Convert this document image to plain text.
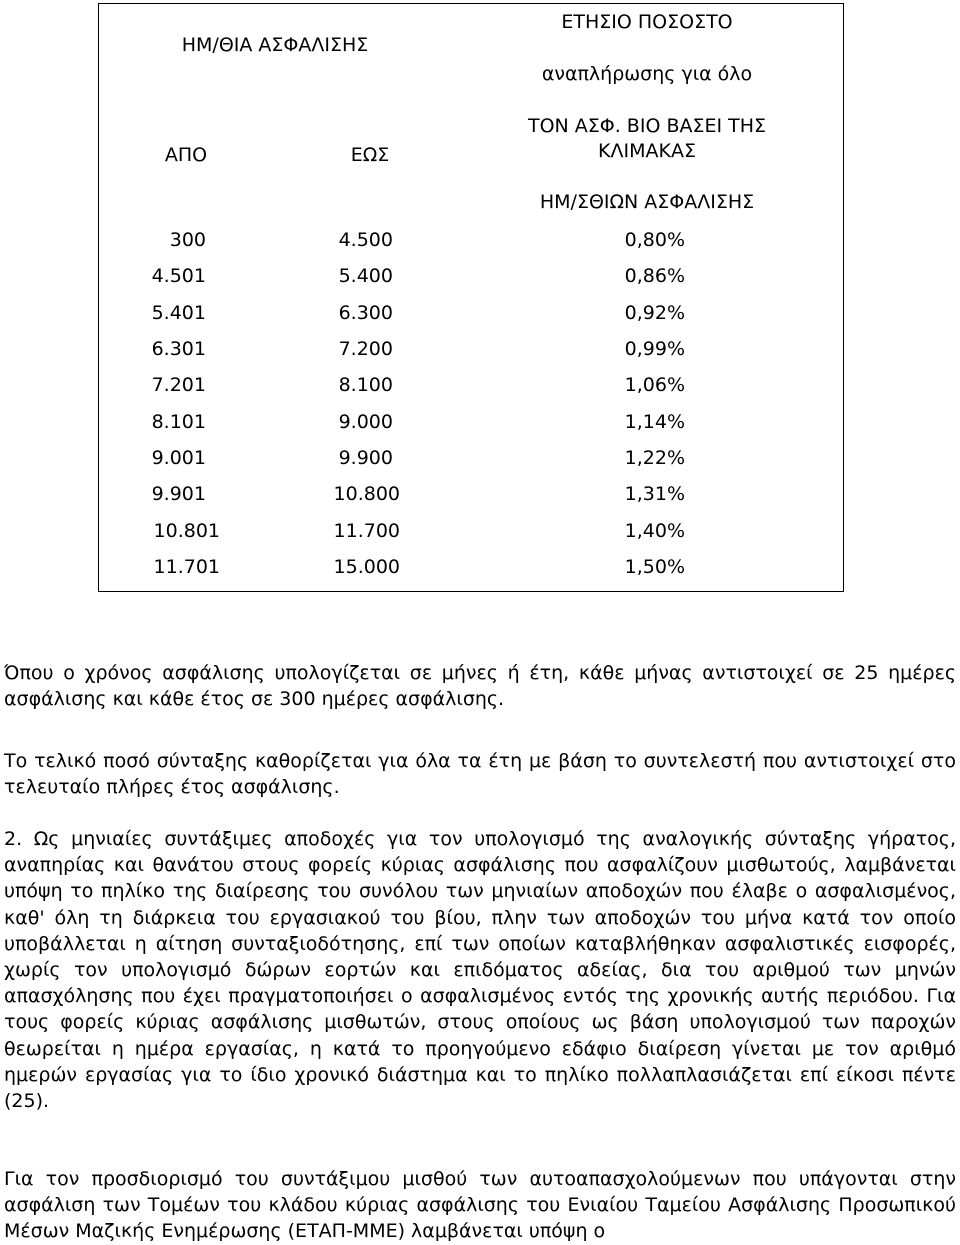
ΗΜ/ΘΙΑ ΑΣΦΑΛΙΣΗΣ
ΕΤΗΣΙΟ ΠΟΣΟΣΤΟ
αναπλήρωσης για όλο
ΤΟΝ ΑΣΦ. ΒΙΟ ΒΑΣΕΙ ΤΗΣ
ΚΛΙΜΑΚΑΣ
ΗΜ/ΣΘΙΩΝ ΑΣΦΑΛΙΣΗΣ
ΑΠΟ	ΕΩΣ
300	4.500	0,80%
4.501	5.400	0,86%
5.401	6.300	0,92%
6.301	7.200	0,99%
7.201	8.100	1,06%
8.101	9.000	1,14%
9.001	9.900	1,22%
9.901	10.800	1,31%
10.801	11.700	1,40%
11.701	15.000	1,50%

Όπου ο χρόνος ασφάλισης υπολογίζεται σε μήνες ή έτη, κάθε μήνας αντιστοιχεί σε 25 ημέρες ασφάλισης και κάθε έτος σε 300 ημέρες ασφάλισης.

Το τελικό ποσό σύνταξης καθορίζεται για όλα τα έτη με βάση το συντελεστή που αντιστοιχεί στο τελευταίο πλήρες έτος ασφάλισης.

2. Ως μηνιαίες συντάξιμες αποδοχές για τον υπολογισμό της αναλογικής σύνταξης γήρατος, αναπηρίας και θανάτου στους φορείς κύριας ασφάλισης που ασφαλίζουν μισθωτούς, λαμβάνεται υπόψη το πηλίκο της διαίρεσης του συνόλου των μηνιαίων αποδοχών που έλαβε ο ασφαλισμένος, καθ' όλη τη διάρκεια του εργασιακού του βίου, πλην των αποδοχών του μήνα κατά τον οποίο υποβάλλεται η αίτηση συνταξιοδότησης, επί των οποίων καταβλήθηκαν ασφαλιστικές εισφορές, χωρίς τον υπολογισμό δώρων εορτών και επιδόματος αδείας, δια του αριθμού των μηνών απασχόλησης που έχει πραγματοποιήσει ο ασφαλισμένος εντός της χρονικής αυτής περιόδου. Για τους φορείς κύριας ασφάλισης μισθωτών, στους οποίους ως βάση υπολογισμού των παροχών θεωρείται η ημέρα εργασίας, η κατά το προηγούμενο εδάφιο διαίρεση γίνεται με τον αριθμό ημερών εργασίας για το ίδιο χρονικό διάστημα και το πηλίκο πολλαπλασιάζεται επί είκοσι πέντε (25).

Για τον προσδιορισμό του συντάξιμου μισθού των αυτοαπασχολούμενων που υπάγονται στην ασφάλιση των Τομέων του κλάδου κύριας ασφάλισης του Ενιαίου Ταμείου Ασφάλισης Προσωπικού Μέσων Μαζικής Ενημέρωσης (ΕΤΑΠ-ΜΜΕ) λαμβάνεται υπόψη ο
